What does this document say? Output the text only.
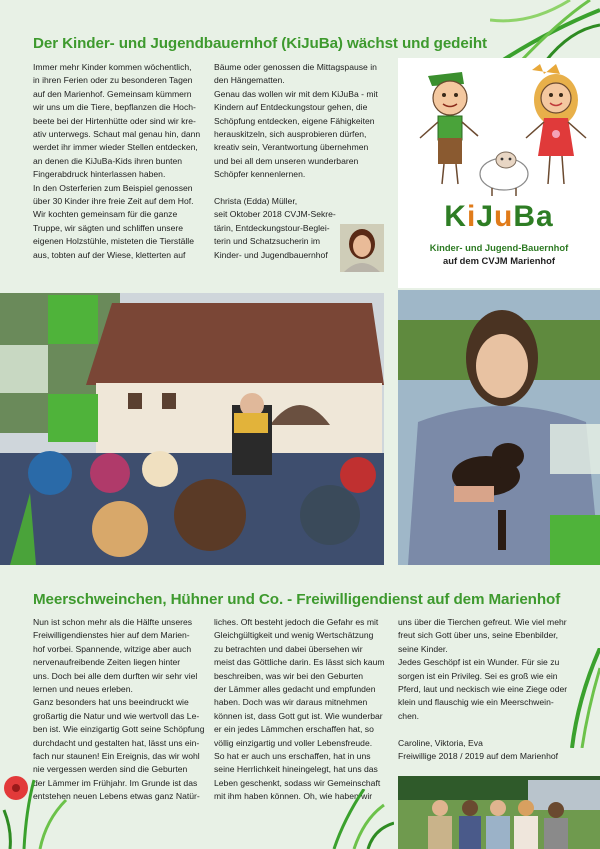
Der Kinder- und Jugendbauernhof (KiJuBa) wächst und gedeiht

Immer mehr Kinder kommen wöchentlich,

in ihren Ferien oder zu besonderen Tagen

auf den Marienhof. Gemeinsam kümmern

wir uns um die Tiere, bepflanzen die Hoch-

beete bei der Hirtenhütte oder sind wir kre-

ativ unterwegs. Schaut mal genau hin, dann

werdet ihr immer wieder Stellen entdecken,

an denen die KiJuBa-Kids ihren bunten

Fingerabdruck hinterlassen haben.

In den Osterferien zum Beispiel genossen

über 30 Kinder ihre freie Zeit auf dem Hof.

Wir kochten gemeinsam für die ganze

Truppe, wir sägten und schliffen unsere

eigenen Holzstühle, misteten die Tierställe

aus, tobten auf der Wiese, kletterten auf

Bäume oder genossen die Mittagspause in

den Hängematten.

Genau das wollen wir mit dem KiJuBa - mit

Kindern auf Entdeckungstour gehen, die

Schöpfung entdecken, eigene Fähigkeiten

herauskitzeln, sich ausprobieren dürfen,

kreativ sein, Verantwortung übernehmen

und bei all dem unseren wunderbaren

Schöpfer kennenlernen.

Christa (Edda) Müller,

seit Oktober 2018 CVJM-Sekre-

tärin, Entdeckungstour-Beglei-

terin und Schatzsucherin im

Kinder- und Jugendbauernhof

KiJuBa
Kinder- und Jugend-Bauernhof
auf dem CVJM Marienhof
Meerschweinchen, Hühner und Co. - Freiwilligendienst auf dem Marienhof

Nun ist schon mehr als die Hälfte unseres

Freiwilligendienstes hier auf dem Marien-

hof vorbei. Spannende, witzige aber auch

nervenaufreibende Zeiten liegen hinter

uns. Doch bei alle dem durften wir sehr viel

lernen und neues erleben.

Ganz besonders hat uns beeindruckt wie

großartig die Natur und wie wertvoll das Le-

ben ist. Wie einzigartig Gott seine Schöpfung

durchdacht und gestalten hat, lässt uns ein-

fach nur staunen! Ein Ereignis, das wir wohl

nie vergessen werden sind die Geburten

der Lämmer im Frühjahr. Im Grunde ist das

entstehen neuen Lebens etwas ganz Natür-

liches. Oft besteht jedoch die Gefahr es mit

Gleichgültigkeit und wenig Wertschätzung

zu betrachten und dabei übersehen wir

meist das Göttliche darin. Es lässt sich kaum

beschreiben, was wir bei den Geburten

der Lämmer alles gedacht und empfunden

haben. Doch was wir daraus mitnehmen

können ist, dass Gott gut ist. Wie wunderbar

er ein jedes Lämmchen erschaffen hat, so

völlig einzigartig und voller Lebensfreude.

So hat er auch uns erschaffen, hat in uns

seine Herrlichkeit hineingelegt, hat uns das

Leben geschenkt, sodass wir Gemeinschaft

mit ihm haben können. Oh, wie haben wir

uns über die Tierchen gefreut. Wie viel mehr

freut sich Gott über uns, seine Ebenbilder,

seine Kinder.

Jedes Geschöpf ist ein Wunder. Für sie zu

sorgen ist ein Privileg. Sei es groß wie ein

Pferd, laut und neckisch wie eine Ziege oder

klein und flauschig wie ein Meerschwein-

chen.

Caroline, Viktoria, Eva

Freiwillige 2018 / 2019 auf dem Marienhof
